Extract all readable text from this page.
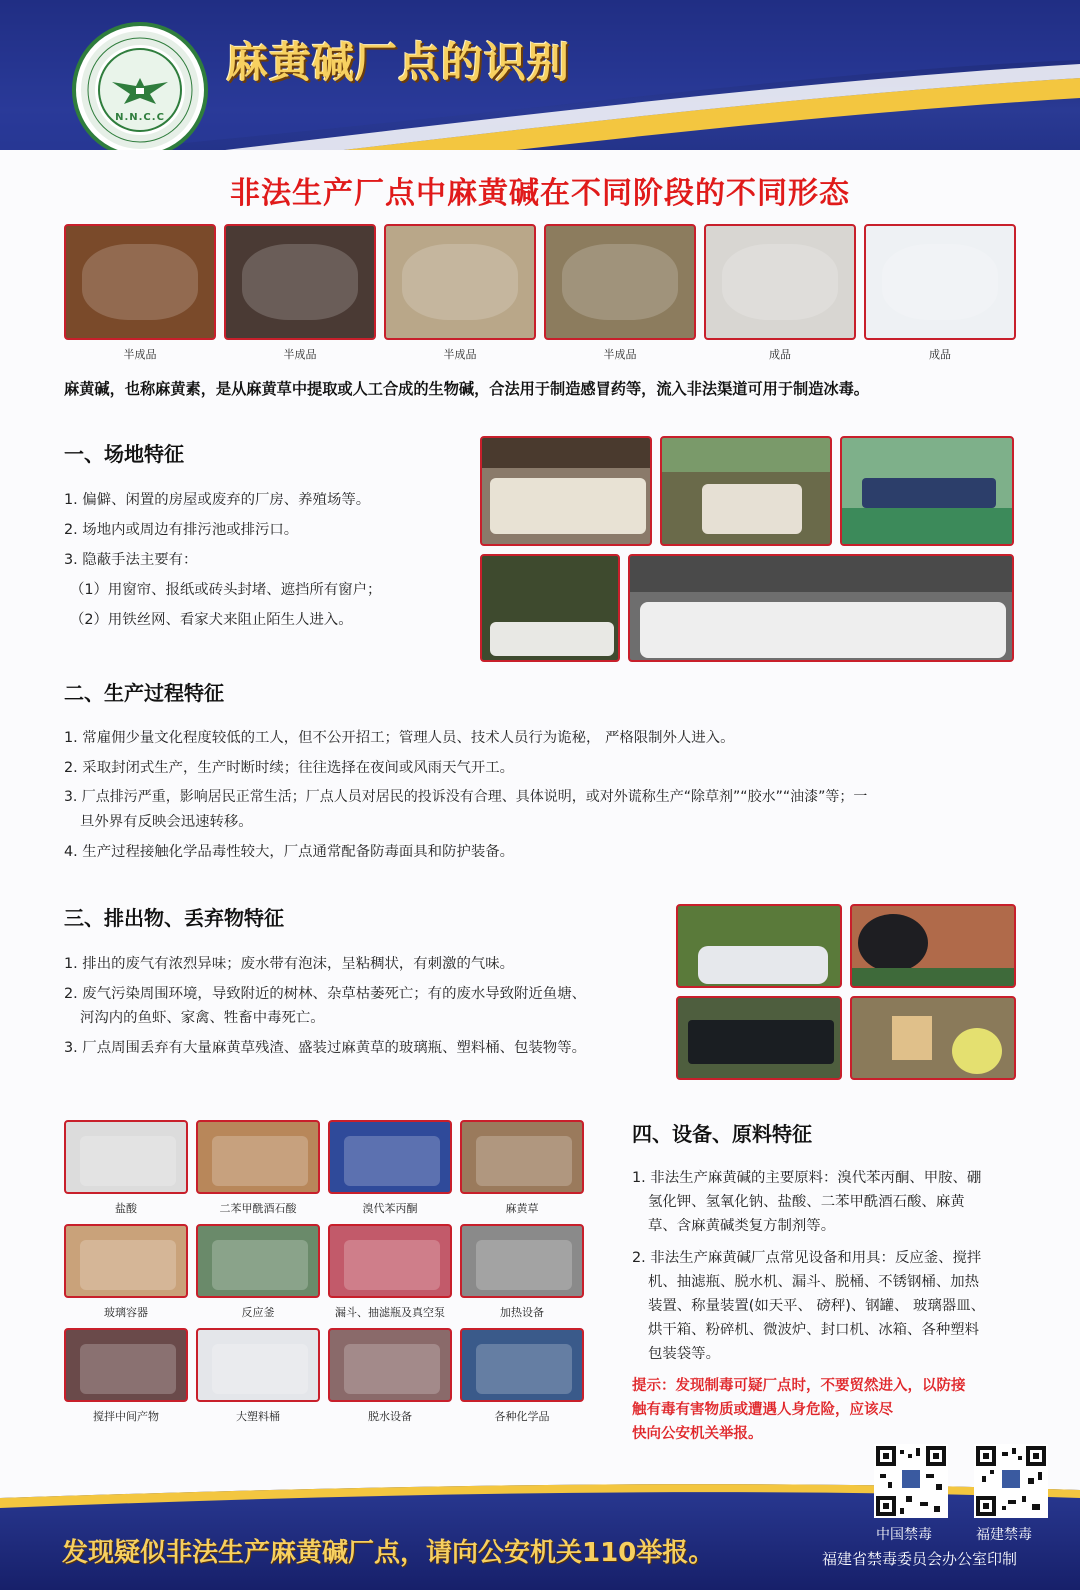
N.N.C.C
麻黄碱厂点的识别
非法生产厂点中麻黄碱在不同阶段的不同形态
半成品	半成品	半成品	半成品	成品	成品
麻黄碱，也称麻黄素，是从麻黄草中提取或人工合成的生物碱，合法用于制造感冒药等，流入非法渠道可用于制造冰毒。
一、场地特征
1. 偏僻、闲置的房屋或废弃的厂房、养殖场等。
2. 场地内或周边有排污池或排污口。
3. 隐蔽手法主要有：
（1）用窗帘、报纸或砖头封堵、遮挡所有窗户；
（2）用铁丝网、看家犬来阻止陌生人进入。
二、生产过程特征
1. 常雇佣少量文化程度较低的工人，但不公开招工；管理人员、技术人员行为诡秘， 严格限制外人进入。
2. 采取封闭式生产，生产时断时续；往往选择在夜间或风雨天气开工。
3. 厂点排污严重，影响居民正常生活；厂点人员对居民的投诉没有合理、具体说明，或对外谎称生产“除草剂”“胶水”“油漆”等；一
旦外界有反映会迅速转移。
4. 生产过程接触化学品毒性较大，厂点通常配备防毒面具和防护装备。
三、排出物、丢弃物特征
1. 排出的废气有浓烈异味；废水带有泡沫，呈粘稠状，有刺激的气味。
2. 废气污染周围环境，导致附近的树林、杂草枯萎死亡；有的废水导致附近鱼塘、
河沟内的鱼虾、家禽、牲畜中毒死亡。
3. 厂点周围丢弃有大量麻黄草残渣、盛装过麻黄草的玻璃瓶、塑料桶、包装物等。
盐酸	二苯甲酰酒石酸	溴代苯丙酮	麻黄草
玻璃容器	反应釜	漏斗、抽滤瓶及真空泵	加热设备
搅拌中间产物	大塑料桶	脱水设备	各种化学品
四、设备、原料特征
1. 非法生产麻黄碱的主要原料：溴代苯丙酮、甲胺、硼
氢化钾、氢氧化钠、盐酸、二苯甲酰酒石酸、麻黄
草、含麻黄碱类复方制剂等。
2. 非法生产麻黄碱厂点常见设备和用具：反应釜、搅拌
机、抽滤瓶、脱水机、漏斗、脱桶、不锈钢桶、加热
装置、称量装置(如天平、 磅秤)、钢罐、 玻璃器皿、
烘干箱、粉碎机、微波炉、封口机、冰箱、各种塑料
包装袋等。
提示：发现制毒可疑厂点时，不要贸然进入，以防接
触有毒有害物质或遭遇人身危险，应该尽
快向公安机关举报。
发现疑似非法生产麻黄碱厂点，请向公安机关110举报。
中国禁毒	福建禁毒
福建省禁毒委员会办公室印制
